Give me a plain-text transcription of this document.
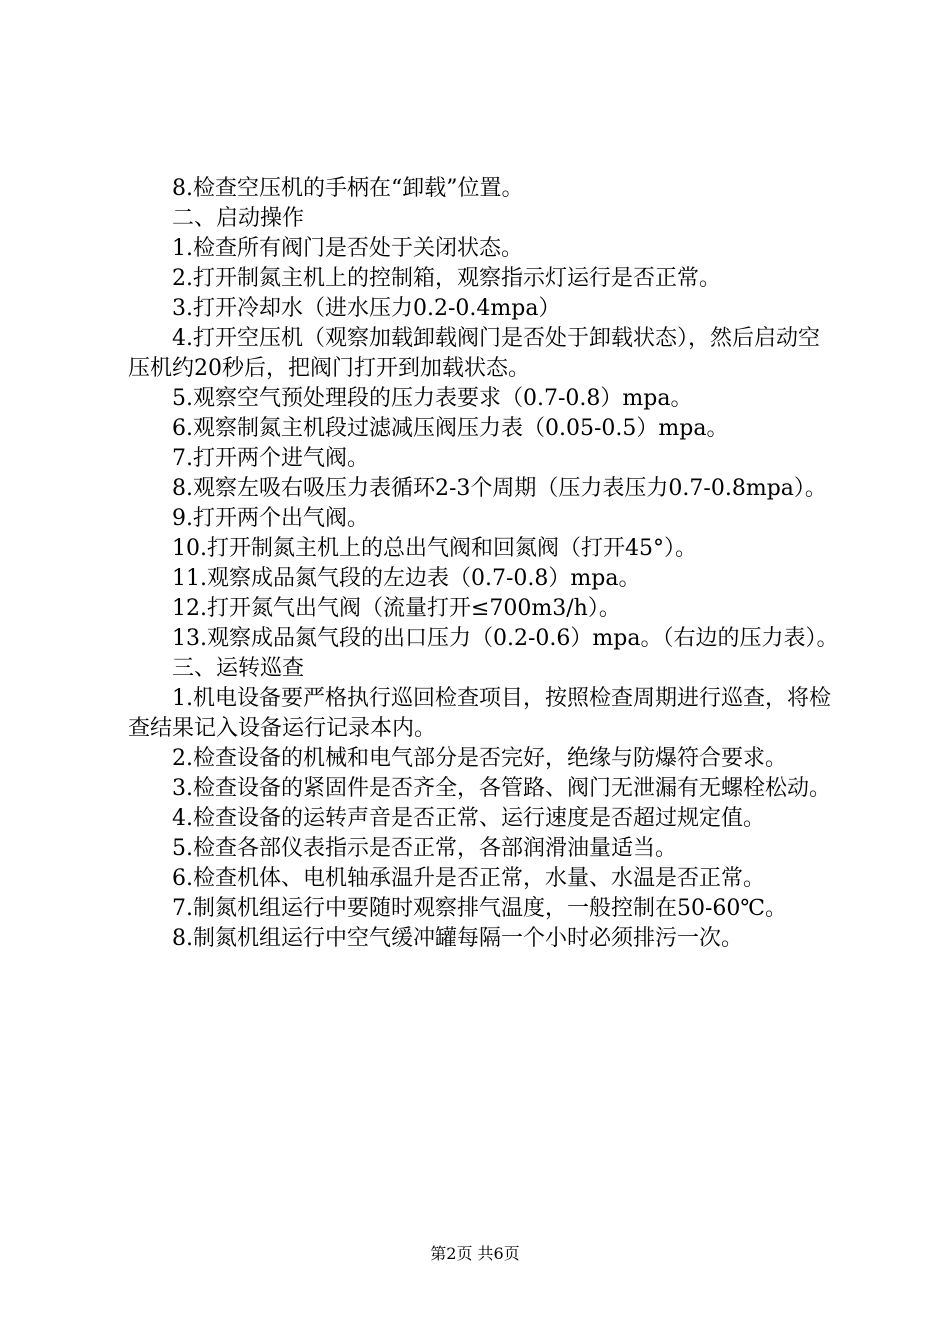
8.检查空压机的手柄在“卸载”位置。

二、启动操作

1.检查所有阀门是否处于关闭状态。

2.打开制氮主机上的控制箱，观察指示灯运行是否正常。

3.打开冷却水（进水压力0.2-0.4mpa）

4.打开空压机（观察加载卸载阀门是否处于卸载状态），然后启动空压机约20秒后，把阀门打开到加载状态。

5.观察空气预处理段的压力表要求（0.7-0.8）mpa。

6.观察制氮主机段过滤减压阀压力表（0.05-0.5）mpa。

7.打开两个进气阀。

8.观察左吸右吸压力表循环2-3个周期（压力表压力0.7-0.8mpa）。

9.打开两个出气阀。

10.打开制氮主机上的总出气阀和回氮阀（打开45°）。

11.观察成品氮气段的左边表（0.7-0.8）mpa。

12.打开氮气出气阀（流量打开≤700m3/h）。

13.观察成品氮气段的出口压力（0.2-0.6）mpa。（右边的压力表）。

三、运转巡查

1.机电设备要严格执行巡回检查项目，按照检查周期进行巡查，将检查结果记入设备运行记录本内。

2.检查设备的机械和电气部分是否完好，绝缘与防爆符合要求。

3.检查设备的紧固件是否齐全，各管路、阀门无泄漏有无螺栓松动。

4.检查设备的运转声音是否正常、运行速度是否超过规定值。

5.检查各部仪表指示是否正常，各部润滑油量适当。

6.检查机体、电机轴承温升是否正常，水量、水温是否正常。

7.制氮机组运行中要随时观察排气温度，一般控制在50-60℃。

8.制氮机组运行中空气缓冲罐每隔一个小时必须排污一次。

第2页 共6页
